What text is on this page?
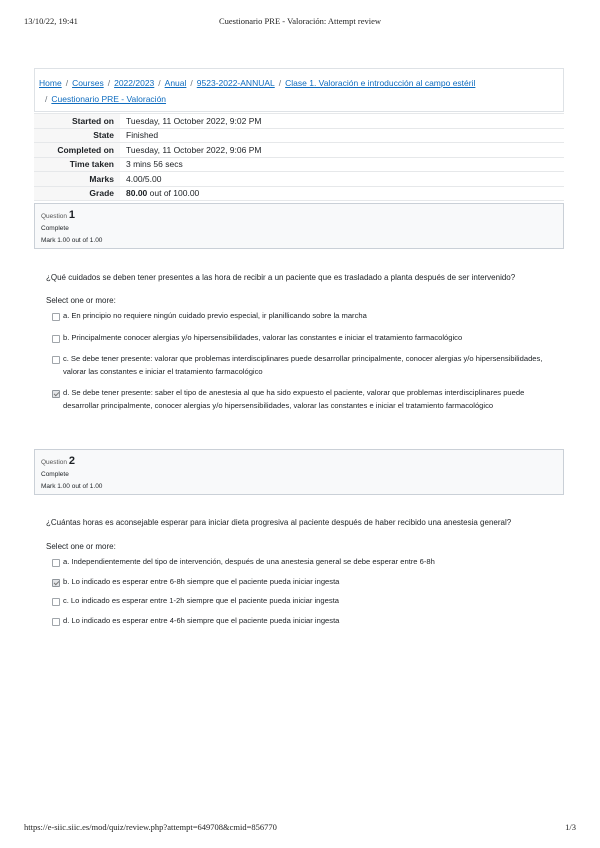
13/10/22, 19:41	Cuestionario PRE - Valoración: Attempt review
Home / Courses / 2022/2023 / Anual / 9523-2022-ANNUAL / Clase 1. Valoración e introducción al campo estéril
/ Cuestionario PRE - Valoración
Started on	Tuesday, 11 October 2022, 9:02 PM
State	Finished
Completed on	Tuesday, 11 October 2022, 9:06 PM
Time taken	3 mins 56 secs
Marks	4.00/5.00
Grade	80.00 out of 100.00
Question 1
Complete
Mark 1.00 out of 1.00
¿Qué cuidados se deben tener presentes a las hora de recibir a un paciente que es trasladado a planta después de ser intervenido?
Select one or more:
a. En principio no requiere ningún cuidado previo especial, ir planillicando sobre la marcha
b. Principalmente conocer alergias y/o hipersensibilidades, valorar las constantes e iniciar el tratamiento farmacológico
c. Se debe tener presente: valorar que problemas interdisciplinares puede desarrollar principalmente, conocer alergias y/o hipersensibilidades, valorar las constantes e iniciar el tratamiento farmacológico
d. Se debe tener presente: saber el tipo de anestesia al que ha sido expuesto el paciente, valorar que problemas interdisciplinares puede desarrollar principalmente, conocer alergias y/o hipersensibilidades, valorar las constantes e iniciar el tratamiento farmacológico
Question 2
Complete
Mark 1.00 out of 1.00
¿Cuántas horas es aconsejable esperar para iniciar dieta progresiva al paciente después de haber recibido una anestesia general?
Select one or more:
a. Independientemente del tipo de intervención, después de una anestesia general se debe esperar entre 6-8h
b. Lo indicado es esperar entre 6-8h siempre que el paciente pueda iniciar ingesta
c. Lo indicado es esperar entre 1-2h siempre que el paciente pueda iniciar ingesta
d. Lo indicado es esperar entre 4-6h siempre que el paciente pueda iniciar ingesta
https://e-siic.siic.es/mod/quiz/review.php?attempt=649708&cmid=856770	1/3
